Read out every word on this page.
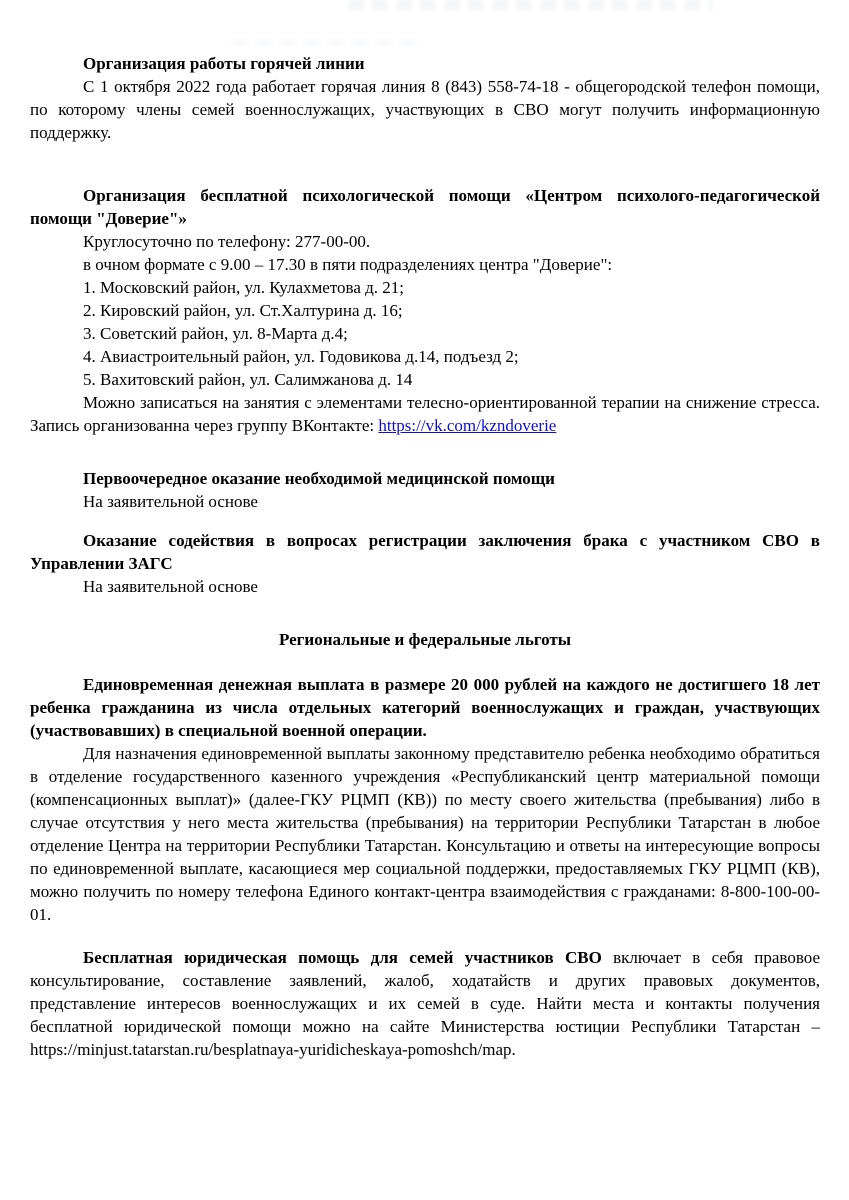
Организация работы горячей линии

С 1 октября 2022 года работает горячая линия 8 (843) 558-74-18 - общегородской телефон помощи, по которому члены семей военнослужащих, участвующих в СВО могут получить информационную поддержку.

Организация бесплатной психологической помощи «Центром психолого-педагогической помощи "Доверие"»

Круглосуточно по телефону: 277-00-00.

в очном формате с 9.00 – 17.30 в пяти подразделениях центра "Доверие":

1. Московский район, ул. Кулахметова д. 21;

2. Кировский район, ул. Ст.Халтурина д. 16;

3. Советский район, ул. 8-Марта д.4;

4. Авиастроительный район, ул. Годовикова д.14, подъезд 2;

5. Вахитовский район, ул. Салимжанова д. 14

Можно записаться на занятия с элементами телесно-ориентированной терапии на снижение стресса. Запись организованна через группу ВКонтакте: https://vk.com/kzndoverie

Первоочередное оказание необходимой медицинской помощи

На заявительной основе

Оказание содействия в вопросах регистрации заключения брака с участником СВО в Управлении ЗАГС

На заявительной основе

Региональные и федеральные льготы

Единовременная денежная выплата в размере 20 000 рублей на каждого не достигшего 18 лет ребенка гражданина из числа отдельных категорий военнослужащих и граждан, участвующих (участвовавших) в специальной военной операции.

Для назначения единовременной выплаты законному представителю ребенка необходимо обратиться в отделение государственного казенного учреждения «Республиканский центр материальной помощи (компенсационных выплат)» (далее-ГКУ РЦМП (КВ)) по месту своего жительства (пребывания) либо в случае отсутствия у него места жительства (пребывания) на территории Республики Татарстан в любое отделение Центра на территории Республики Татарстан. Консультацию и ответы на интересующие вопросы по единовременной выплате, касающиеся мер социальной поддержки, предоставляемых ГКУ РЦМП (КВ), можно получить по номеру телефона Единого контакт-центра взаимодействия с гражданами: 8-800-100-00-01.

Бесплатная юридическая помощь для семей участников СВО включает в себя правовое консультирование, составление заявлений, жалоб, ходатайств и других правовых документов, представление интересов военнослужащих и их семей в суде. Найти места и контакты получения бесплатной юридической помощи можно на сайте Министерства юстиции Республики Татарстан – https://minjust.tatarstan.ru/besplatnaya-yuridicheskaya-pomoshch/map.
